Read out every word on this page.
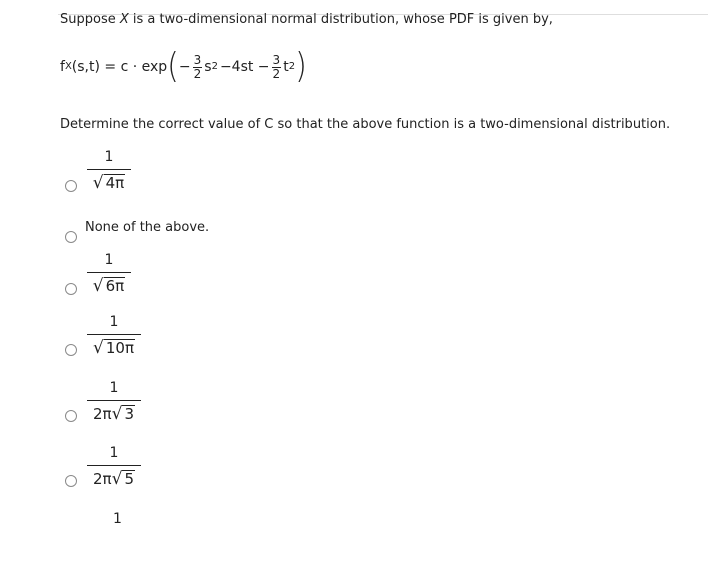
Suppose X is a two-dimensional normal distribution, whose PDF is given by,
f X (s,t) = c · exp ( − $\frac{3}{2}$ s $2 -4st - \frac{3}{2}$ t 2 )
Determine the correct value of C so that the above function is a two-dimensional distribution.
1
√ 4π
None of the above.
1
√ 6π
1
√ 10π
1
2π √ 3
1
2π √ 5
1
